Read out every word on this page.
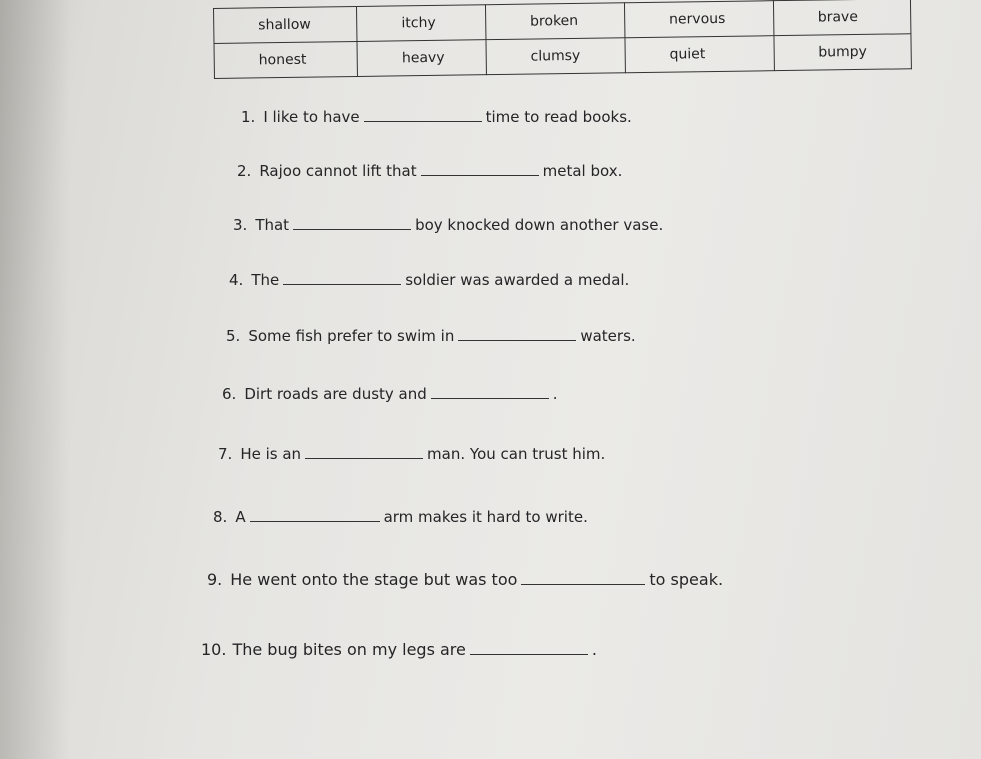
shallow	itchy	broken	nervous	brave
honest	heavy	clumsy	quiet	bumpy
1. I like to have	time to read books.
2. Rajoo cannot lift that	metal box.
3. That	boy knocked down another vase.
4. The	soldier was awarded a medal.
5. Some fish prefer to swim in	waters.
6. Dirt roads are dusty and	.
7. He is an	man. You can trust him.
8. A	arm makes it hard to write.
9. He went onto the stage but was too	to speak.
10. The bug bites on my legs are	.
